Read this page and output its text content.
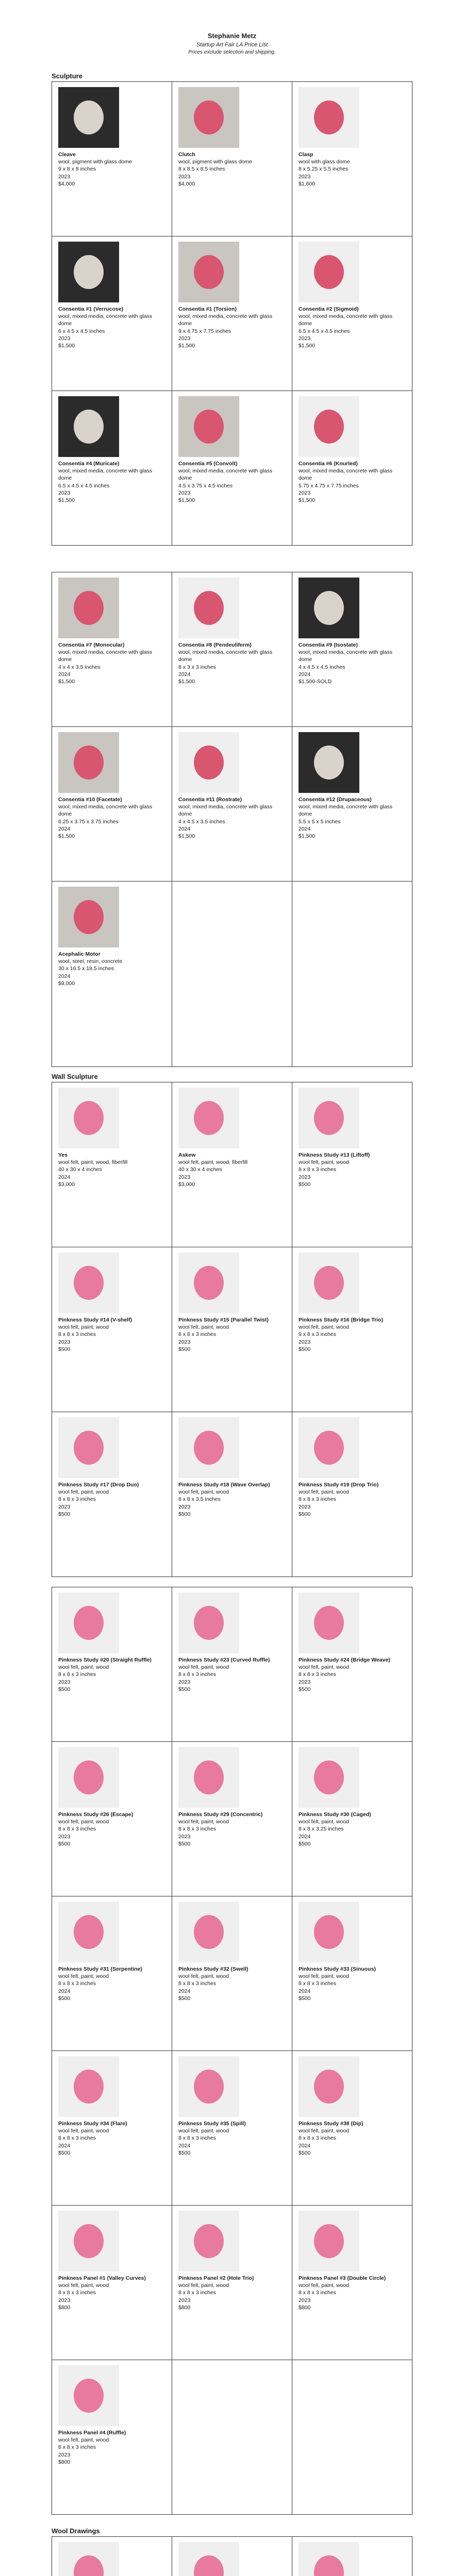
Stephanie Metz
Startup Art Fair LA Price List
Prices exclude selection and shipping.
Sculpture
Cleave
wool, pigment with glass dome
9 x 8 x 8 inches
2023
$4,000	Clutch
wool, pigment with glass dome
8 x 8.5 x 8.5 inches
2023
$4,000	Clasp
wool with glass dome
8 x 5.25 x 5.5 inches
2023
$1,600

Consentia #1 (Verrucose)
wool, mixed media, concrete with glass dome
6 x 4.5 x 4.5 inches
2023
$1,500	Consentia #1 (Torsion)
wool, mixed media, concrete with glass dome
9 x 4.75 x 7.75 inches
2023
$1,500	Consentia #2 (Sigmoid)
wool, mixed media, concrete with glass dome
6.5 x 4.5 x 4.5 inches
2023
$1,500

Consentia #4 (Muricate)
wool, mixed media, concrete with glass dome
6.5 x 4.5 x 4.5 inches
2023
$1,500	Consentia #5 (Convolt)
wool, mixed media, concrete with glass dome
4.5 x 3.75 x 4.5 inches
2023
$1,500	Consentia #6 (Knurled)
wool, mixed media, concrete with glass dome
5.75 x 4.75 x 7.75 inches
2023
$1,500
Consentia #7 (Monocular)
wool, mixed media, concrete with glass dome
4 x 4 x 3.5 inches
2024
$1,500	Consentia #8 (Pendeuliferm)
wool, mixed media, concrete with glass dome
8 x 3 x 3 inches
2024
$1,500	Consentia #9 (Isostate)
wool, mixed media, concrete with glass dome
4 x 4.5 x 4.5 inches
2024
$1,500-SOLD

Consentia #10 (Facetate)
wool, mixed media, concrete with glass dome
6.25 x 3.75 x 3.75 inches
2024
$1,500	Consentia #11 (Rostrate)
wool, mixed media, concrete with glass dome
4 x 4.5 x 3.5 inches
2024
$1,500	Consentia #12 (Drupaceous)
wool, mixed media, concrete with glass dome
5.5 x 5 x 5 inches
2024
$1,500

Acephalic Motor
wool, steel, resin, concrete
30 x 16.5 x 18.5 inches
2024
$9,000		

Wall Sculpture
Yes
wool felt, paint, wood, fiberfill
40 x 30 x 4 inches
2024
$3,000	Askew
wool felt, paint, wood, fiberfill
40 x 30 x 4 inches
2023
$3,000	Pinkness Study #13 (Liftoff)
wool felt, paint, wood
8 x 8 x 3 inches
2023
$500

Pinkness Study #14 (V-shelf)
wool felt, paint, wood
8 x 8 x 3 inches
2023
$500	Pinkness Study #15 (Parallel Twist)
wool felt, paint, wood
8 x 8 x 3 inches
2023
$500	Pinkness Study #16 (Bridge Trio)
wool felt, paint, wood
9 x 8 x 3 inches
2023
$500

Pinkness Study #17 (Drop Duo)
wool felt, paint, wood
8 x 8 x 3 inches
2023
$500	Pinkness Study #18 (Wave Overlap)
wool felt, paint, wood
8 x 8 x 3.5 inches
2023
$500	Pinkness Study #19 (Drop Trio)
wool felt, paint, wood
8 x 8 x 3 inches
2023
$500
Pinkness Study #20 (Straight Ruffle)
wool felt, paint, wood
8 x 8 x 3 inches
2023
$500	Pinkness Study #23 (Curved Ruffle)
wool felt, paint, wood
8 x 8 x 3 inches
2023
$500	Pinkness Study #24 (Bridge Weave)
wool felt, paint, wood
8 x 8 x 3 inches
2023
$500

Pinkness Study #26 (Escape)
wool felt, paint, wood
8 x 8 x 3 inches
2023
$500	Pinkness Study #29 (Concentric)
wool felt, paint, wood
8 x 8 x 3 inches
2023
$500	Pinkness Study #30 (Caged)
wool felt, paint, wood
8 x 8 x 3.25 inches
2024
$500

Pinkness Study #31 (Serpentine)
wool felt, paint, wood
8 x 8 x 3 inches
2024
$500	Pinkness Study #32 (Swell)
wool felt, paint, wood
8 x 8 x 3 inches
2024
$500	Pinkness Study #33 (Sinuous)
wool felt, paint, wood
8 x 8 x 3 inches
2024
$500
Pinkness Study #34 (Flare)
wool felt, paint, wood
8 x 8 x 3 inches
2024
$500	Pinkness Study #35 (Spill)
wool felt, paint, wood
8 x 8 x 3 inches
2024
$500	Pinkness Study #38 (Dip)
wool felt, paint, wood
8 x 8 x 3 inches
2024
$500

Pinkness Panel #1 (Valley Curves)
wool felt, paint, wood
8 x 8 x 3 inches
2023
$800	Pinkness Panel #2 (Hole Trio)
wool felt, paint, wood
8 x 8 x 3 inches
2023
$800	Pinkness Panel #3 (Double Circle)
wool felt, paint, wood
8 x 8 x 3 inches
2023
$800

Pinkness Panel #4 (Ruffle)
wool felt, paint, wood
8 x 8 x 3 inches
2023
$800		

Wool Drawings
